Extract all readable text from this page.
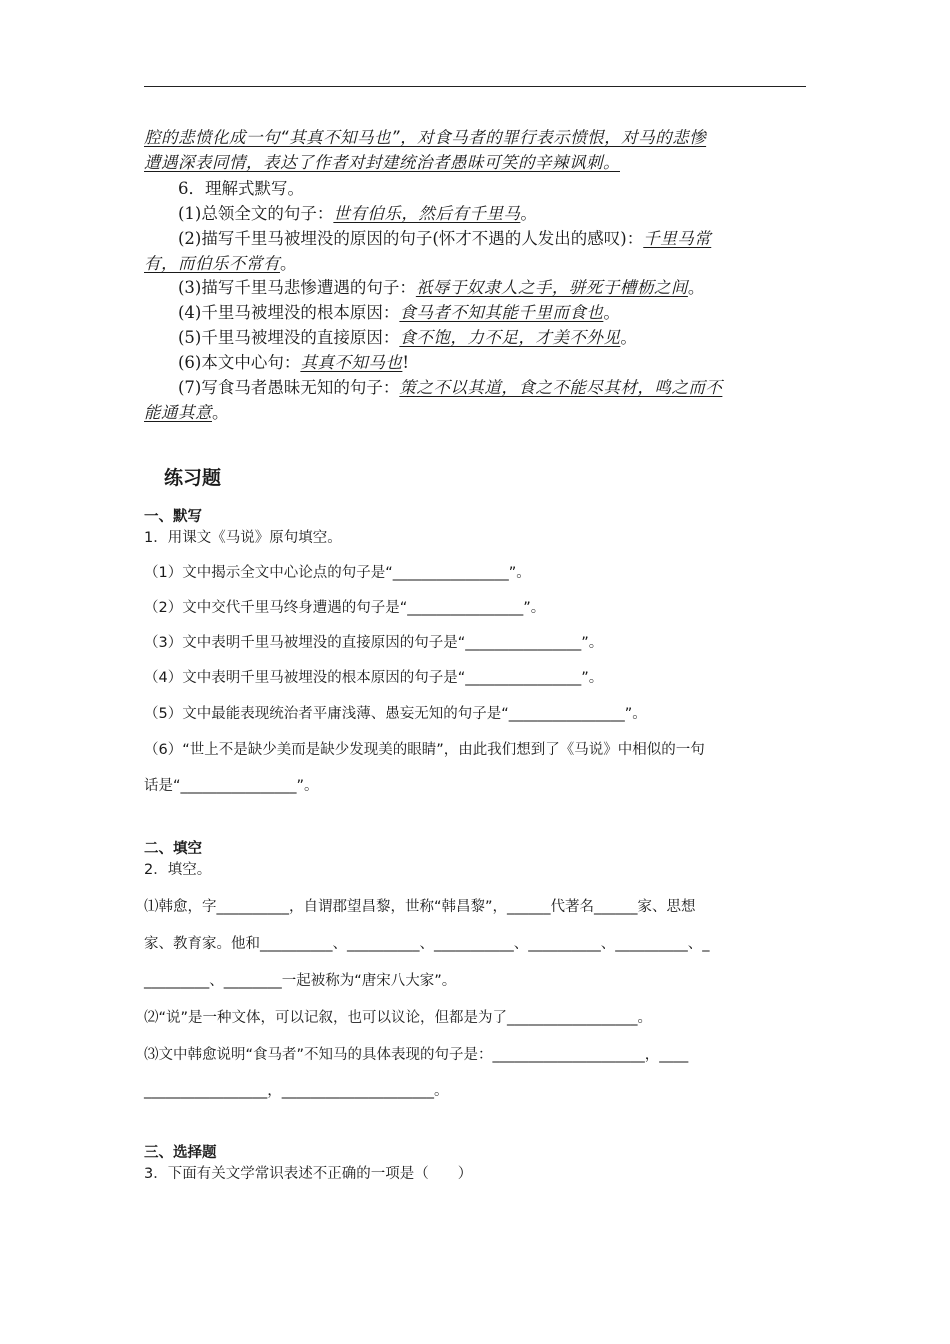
腔的悲愤化成一句“其真不知马也”，对食马者的罪行表示愤恨，对马的悲惨
遭遇深表同情，表达了作者对封建统治者愚昧可笑的辛辣讽刺。
6．理解式默写。
(1)总领全文的句子：世有伯乐，然后有千里马。
(2)描写千里马被埋没的原因的句子(怀才不遇的人发出的感叹)：千里马常
有，而伯乐不常有。
(3)描写千里马悲惨遭遇的句子：祇辱于奴隶人之手，骈死于槽枥之间。
(4)千里马被埋没的根本原因：食马者不知其能千里而食也。
(5)千里马被埋没的直接原因：食不饱，力不足，才美不外见。
(6)本文中心句：其真不知马也!
(7)写食马者愚昧无知的句子：策之不以其道，食之不能尽其材，鸣之而不
能通其意。
练习题
一、默写
1．用课文《马说》原句填空。
（1）文中揭示全文中心论点的句子是“________________”。
（2）文中交代千里马终身遭遇的句子是“________________”。
（3）文中表明千里马被埋没的直接原因的句子是“________________”。
（4）文中表明千里马被埋没的根本原因的句子是“________________”。
（5）文中最能表现统治者平庸浅薄、愚妄无知的句子是“________________”。
（6）“世上不是缺少美而是缺少发现美的眼睛”，由此我们想到了《马说》中相似的一句
话是“________________”。
二、填空
2．填空。
⑴韩愈，字__________，自谓郡望昌黎，世称“韩昌黎”，______代著名______家、思想
家、教育家。他和__________、__________、___________、__________、__________、_
_________、________一起被称为“唐宋八大家”。
⑵“说”是一种文体，可以记叙，也可以议论，但都是为了__________________。
⑶文中韩愈说明“食马者”不知马的具体表现的句子是：_____________________，____
_________________，_____________________。
三、选择题
3．下面有关文学常识表述不正确的一项是（　　）
